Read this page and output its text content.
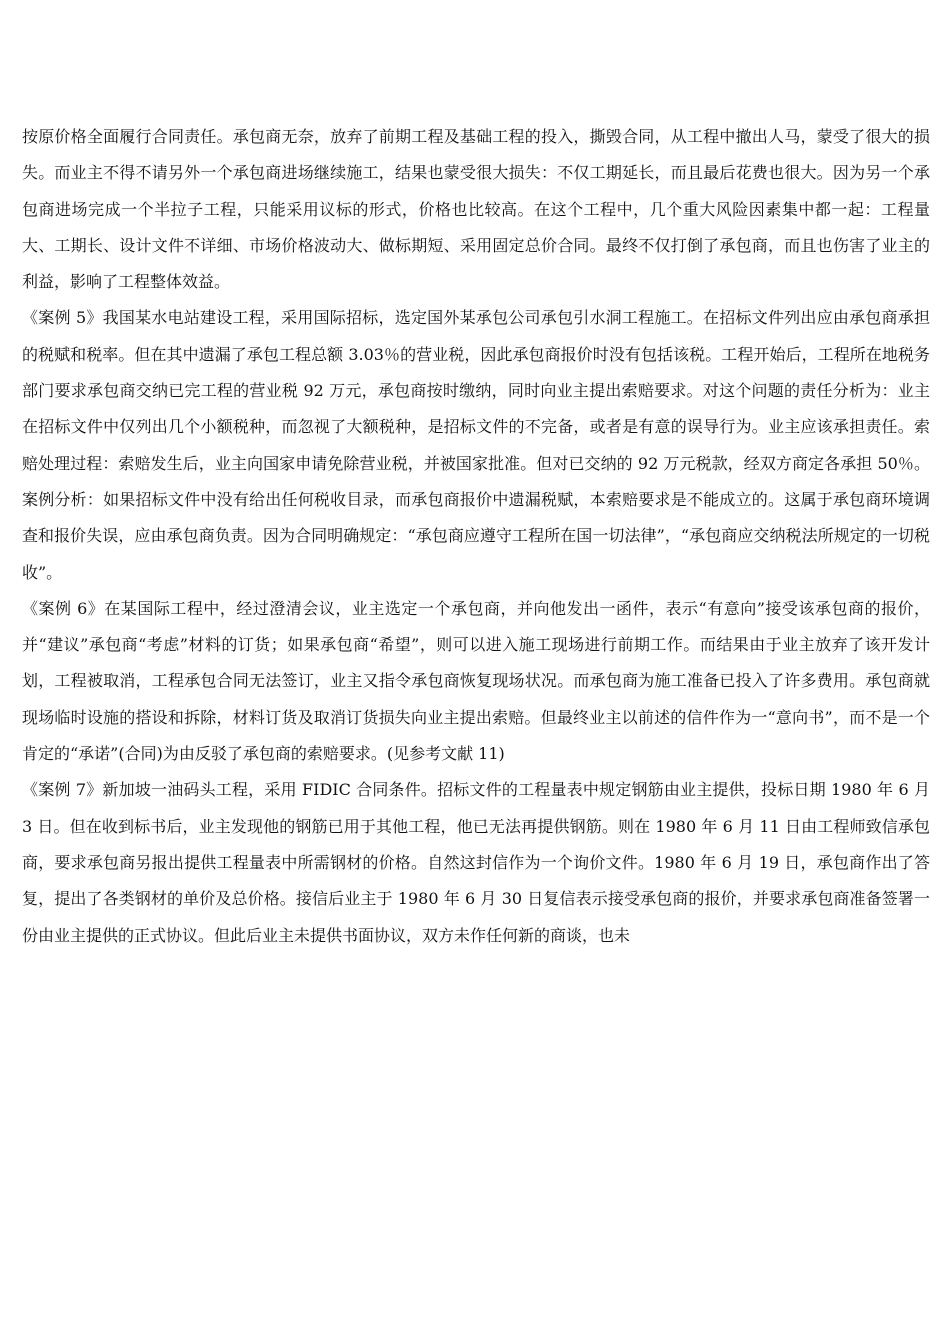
按原价格全面履行合同责任。承包商无奈，放弃了前期工程及基础工程的投入，撕毁合同，从工程中撤出人马，蒙受了很大的损失。而业主不得不请另外一个承包商进场继续施工，结果也蒙受很大损失：不仅工期延长，而且最后花费也很大。因为另一个承包商进场完成一个半拉子工程，只能采用议标的形式，价格也比较高。在这个工程中，几个重大风险因素集中都一起：工程量大、工期长、设计文件不详细、市场价格波动大、做标期短、采用固定总价合同。最终不仅打倒了承包商，而且也伤害了业主的利益，影响了工程整体效益。

《案例 5》我国某水电站建设工程，采用国际招标，选定国外某承包公司承包引水洞工程施工。在招标文件列出应由承包商承担的税赋和税率。但在其中遗漏了承包工程总额 3.03％的营业税，因此承包商报价时没有包括该税。工程开始后，工程所在地税务部门要求承包商交纳已完工程的营业税 92 万元，承包商按时缴纳，同时向业主提出索赔要求。对这个问题的责任分析为：业主在招标文件中仅列出几个小额税种，而忽视了大额税种，是招标文件的不完备，或者是有意的误导行为。业主应该承担责任。索赔处理过程：索赔发生后，业主向国家申请免除营业税，并被国家批准。但对已交纳的 92 万元税款，经双方商定各承担 50％。案例分析：如果招标文件中没有给出任何税收目录，而承包商报价中遗漏税赋，本索赔要求是不能成立的。这属于承包商环境调查和报价失误，应由承包商负责。因为合同明确规定：“承包商应遵守工程所在国一切法律”，“承包商应交纳税法所规定的一切税收”。

《案例 6》在某国际工程中，经过澄清会议，业主选定一个承包商，并向他发出一函件，表示“有意向”接受该承包商的报价，并“建议”承包商“考虑”材料的订货；如果承包商“希望”，则可以进入施工现场进行前期工作。而结果由于业主放弃了该开发计划，工程被取消，工程承包合同无法签订，业主又指令承包商恢复现场状况。而承包商为施工准备已投入了许多费用。承包商就现场临时设施的搭设和拆除，材料订货及取消订货损失向业主提出索赔。但最终业主以前述的信件作为一“意向书”，而不是一个肯定的“承诺”(合同)为由反驳了承包商的索赔要求。(见参考文献 11)

《案例 7》新加坡一油码头工程，采用 FIDIC 合同条件。招标文件的工程量表中规定钢筋由业主提供，投标日期 1980 年 6 月 3 日。但在收到标书后，业主发现他的钢筋已用于其他工程，他已无法再提供钢筋。则在 1980 年 6 月 11 日由工程师致信承包商，要求承包商另报出提供工程量表中所需钢材的价格。自然这封信作为一个询价文件。1980 年 6 月 19 日，承包商作出了答复，提出了各类钢材的单价及总价格。接信后业主于 1980 年 6 月 30 日复信表示接受承包商的报价，并要求承包商准备签署一份由业主提供的正式协议。但此后业主未提供书面协议，双方未作任何新的商谈，也未
